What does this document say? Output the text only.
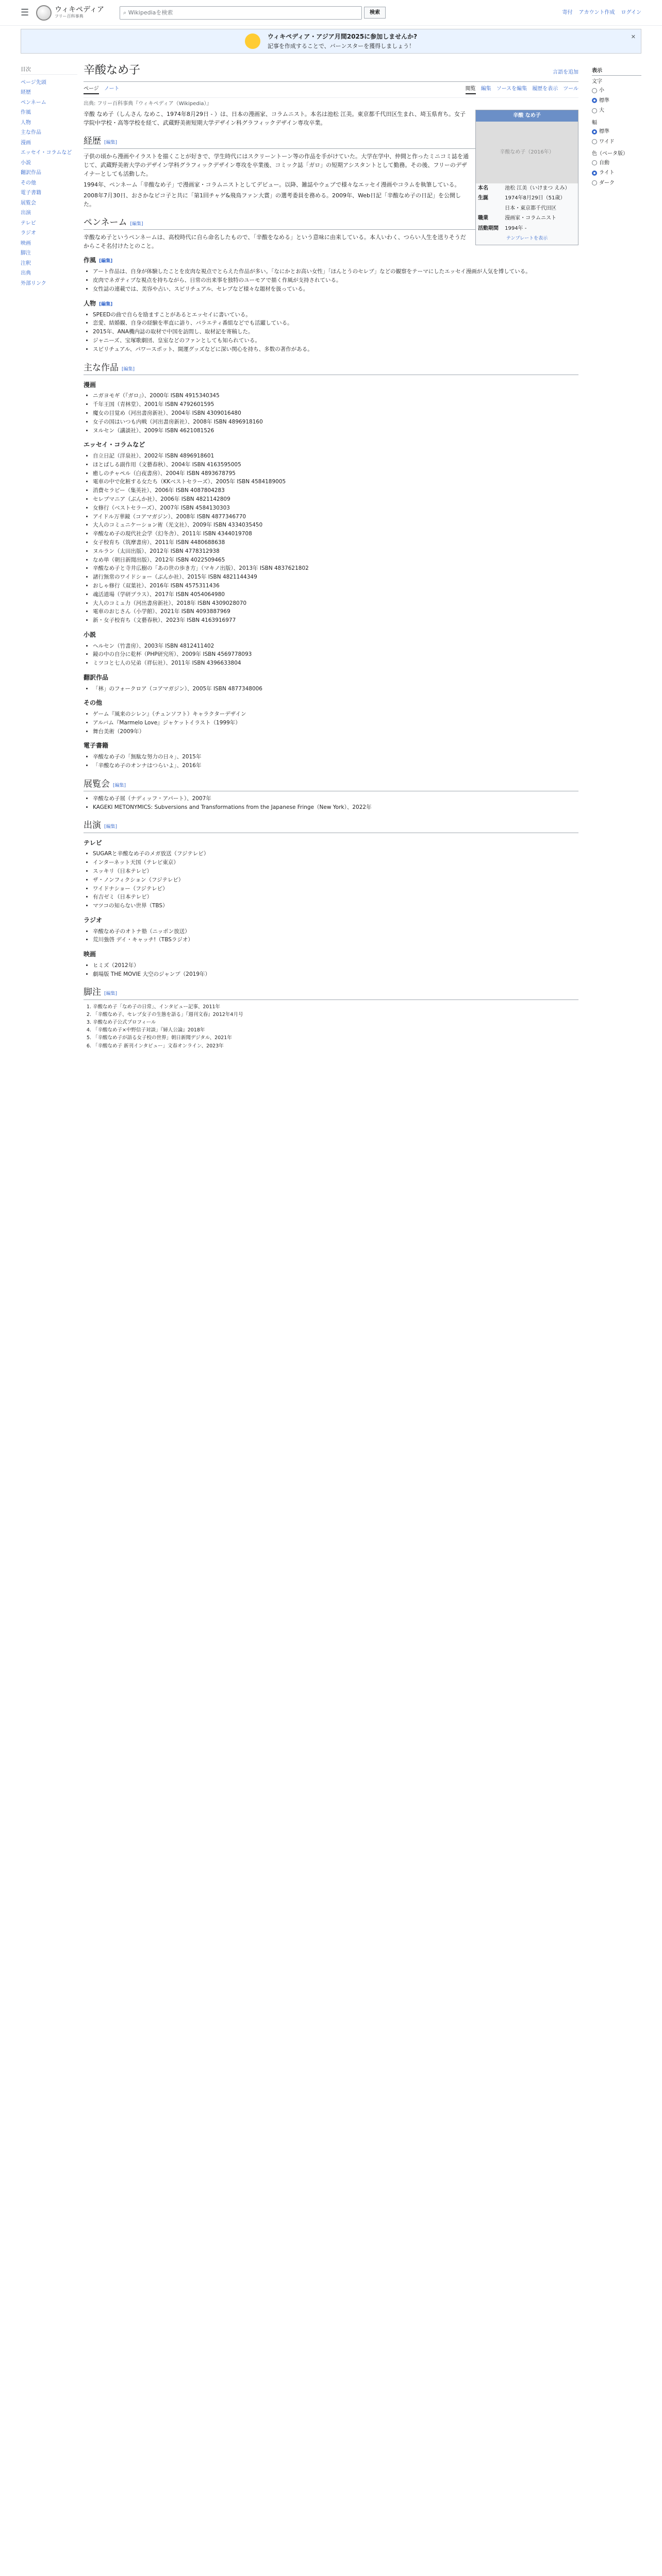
☰	ウィキペディア
フリー百科事典
⌕ Wikipediaを検索	検索	寄付 アカウント作成 ログイン
ウィキペディア・アジア月間2025に参加しませんか?
記事を作成することで、バーンスターを獲得しましょう！
✕
目次
ページ先頭
経歴
ペンネーム
作風
人物
主な作品
漫画
エッセイ・コラムなど
小説
翻訳作品
その他
電子書籍
展覧会
出演
テレビ
ラジオ
映画
脚注
注釈
出典
外部リンク
辛酸なめ子	言語を追加
ページ ノート	閲覧 編集 ソースを編集 履歴を表示 ツール
出典: フリー百科事典『ウィキペディア（Wikipedia）』
辛酸 なめ子
辛酸なめ子（2016年）
本名	池松 江美（いけまつ えみ）
生誕	1974年8月29日（51歳）
	日本・東京都千代田区
職業	漫画家・コラムニスト
活動期間	1994年 -
テンプレートを表示

辛酸 なめ子（しんさん なめこ、1974年8月29日 - ）は、日本の漫画家、コラムニスト。本名は池松 江美。東京都千代田区生まれ、埼玉県育ち。女子学院中学校・高等学校を経て、武蔵野美術短期大学デザイン科グラフィックデザイン専攻卒業。

経歴 [編集]

子供の頃から漫画やイラストを描くことが好きで、学生時代にはスクリーントーン等の作品を手がけていた。大学在学中、仲間と作ったミニコミ誌を通じて、武蔵野美術大学のデザイン学科グラフィックデザイン専攻を卒業後、コミック誌「ガロ」の短期アシスタントとして勤務。その後、フリーのデザイナーとしても活動した。

1994年、ペンネーム「辛酸なめ子」で漫画家・コラムニストとしてデビュー。以降、雑誌やウェブで様々なエッセイ漫画やコラムを執筆している。

2008年7月30日、おさかなピコ子と共に「第1回チャゲ&飛鳥ファン大賞」の選考委員を務める。2009年、Web日記「辛酸なめ子の日記」を公開した。

ペンネーム [編集]

辛酸なめ子というペンネームは、高校時代に自ら命名したもので、「辛酸をなめる」という意味に由来している。本人いわく、つらい人生を送りそうだからこそ名付けたとのこと。

作風 [編集]
• アート作品は、自身が体験したことを皮肉な視点でとらえた作品が多い。「なにかとお高い女性」「ほんとうのセレブ」などの観察をテーマにしたエッセイ漫画が人気を博している。
• 皮肉でネガティブな視点を持ちながら、日常の出来事を独特のユーモアで描く作風が支持されている。
• 女性誌の連載では、美容や占い、スピリチュアル、セレブなど様々な題材を扱っている。
人物 [編集]
• SPEEDの曲で自らを励ますことがあるとエッセイに書いている。
• 恋愛、結婚観、自身の経験を率直に語り、バラエティ番組などでも活躍している。
• 2015年、ANA機内誌の取材で中国を訪問し、取材記を寄稿した。
• ジャニーズ、宝塚歌劇団、皇室などのファンとしても知られている。
• スピリチュアル、パワースポット、開運グッズなどに深い関心を持ち、多数の著作がある。
主な作品 [編集]
漫画
• ニガヨモギ（『ガロ』）、2000年 ISBN 4915340345
• 千年王国（青林堂）、2001年 ISBN 4792601595
• 魔女の目覚め（河出書房新社）、2004年 ISBN 4309016480
• 女子の国はいつも内戦（河出書房新社）、2008年 ISBN 4896918160
• ヌルセン（講談社）、2009年 ISBN 4621081526
エッセイ・コラムなど
• 自立日記（洋泉社）、2002年 ISBN 4896918601
• ほとばしる副作用（文藝春秋）、2004年 ISBN 4163595005
• 癒しのチャペル（白夜書房）、2004年 ISBN 4893678795
• 電車の中で化粧する女たち（KKベストセラーズ）、2005年 ISBN 4584189005
• 消費セラピー（集英社）、2006年 ISBN 4087804283
• セレブマニア（ぶんか社）、2006年 ISBN 4821142809
• 女修行（ベストセラーズ）、2007年 ISBN 4584130303
• アイドル万華鏡（コアマガジン）、2008年 ISBN 4877346770
• 大人のコミュニケーション術（光文社）、2009年 ISBN 4334035450
• 辛酸なめ子の現代社会学（幻冬舎）、2011年 ISBN 4344019708
• 女子校育ち（筑摩書房）、2011年 ISBN 4480688638
• ヌルラン（太田出版）、2012年 ISBN 4778312938
• なめ単（朝日新聞出版）、2012年 ISBN 4022509465
• 辛酸なめ子と寺井広樹の「あの世の歩き方」（マキノ出版）、2013年 ISBN 4837621802
• 諸行無常のワイドショー（ぶんか社）、2015年 ISBN 4821144349
• おしゃ修行（双葉社）、2016年 ISBN 4575311436
• 魂活道場（学研プラス）、2017年 ISBN 4054064980
• 大人のコミュ力（河出書房新社）、2018年 ISBN 4309028070
• 電車のおじさん（小学館）、2021年 ISBN 4093887969
• 新・女子校育ち（文藝春秋）、2023年 ISBN 4163916977
小説
• ヘルセン（竹書房）、2003年 ISBN 4812411402
• 鏡の中の自分に乾杯（PHP研究所）、2009年 ISBN 4569778093
• ミツコと七人の兄弟（祥伝社）、2011年 ISBN 4396633804
翻訳作品
• 「林」のフォークロア（コアマガジン）、2005年 ISBN 4877348006
その他
• ゲーム『風来のシレン』（チュンソフト）キャラクターデザイン
• アルバム『Marmelo Love』ジャケットイラスト（1999年）
• 舞台美術（2009年）
電子書籍
• 辛酸なめ子の「無駄な努力の日々」、2015年
• 「辛酸なめ子のオンナはつらいよ」、2016年
展覧会 [編集]
• 辛酸なめ子展（ナディッフ・アパート）、2007年
• KAGEKI METONYMICS: Subversions and Transformations from the Japanese Fringe（New York）、2022年
出演 [編集]
テレビ
• SUGARと辛酸なめ子のメガ放送（フジテレビ）
• インターネット天国（テレビ東京）
• スッキリ（日本テレビ）
• ザ・ノンフィクション（フジテレビ）
• ワイドナショー（フジテレビ）
• 有吉ゼミ（日本テレビ）
• マツコの知らない世界（TBS）
ラジオ
• 辛酸なめ子のオトナ塾（ニッポン放送）
• 荒川強啓 デイ・キャッチ!（TBSラジオ）
映画
• ヒミズ（2012年）
• 劇場版 THE MOVIE 大空のジャンプ（2019年）
脚注 [編集]
1. 辛酸なめ子「なめ子の日常」、インタビュー記事、2011年
2. 「辛酸なめ子、セレブ女子の生態を語る」『週刊文春』2012年4月号
3. 辛酸なめ子公式プロフィール
4. 「辛酸なめ子×中野信子対談」『婦人公論』2018年
5. 「辛酸なめ子が語る女子校の世界」朝日新聞デジタル、2021年
6. 「辛酸なめ子 新刊インタビュー」文春オンライン、2023年
表示
文字
小
標準
大
幅
標準
ワイド
色（ベータ版）
自動
ライト
ダーク
